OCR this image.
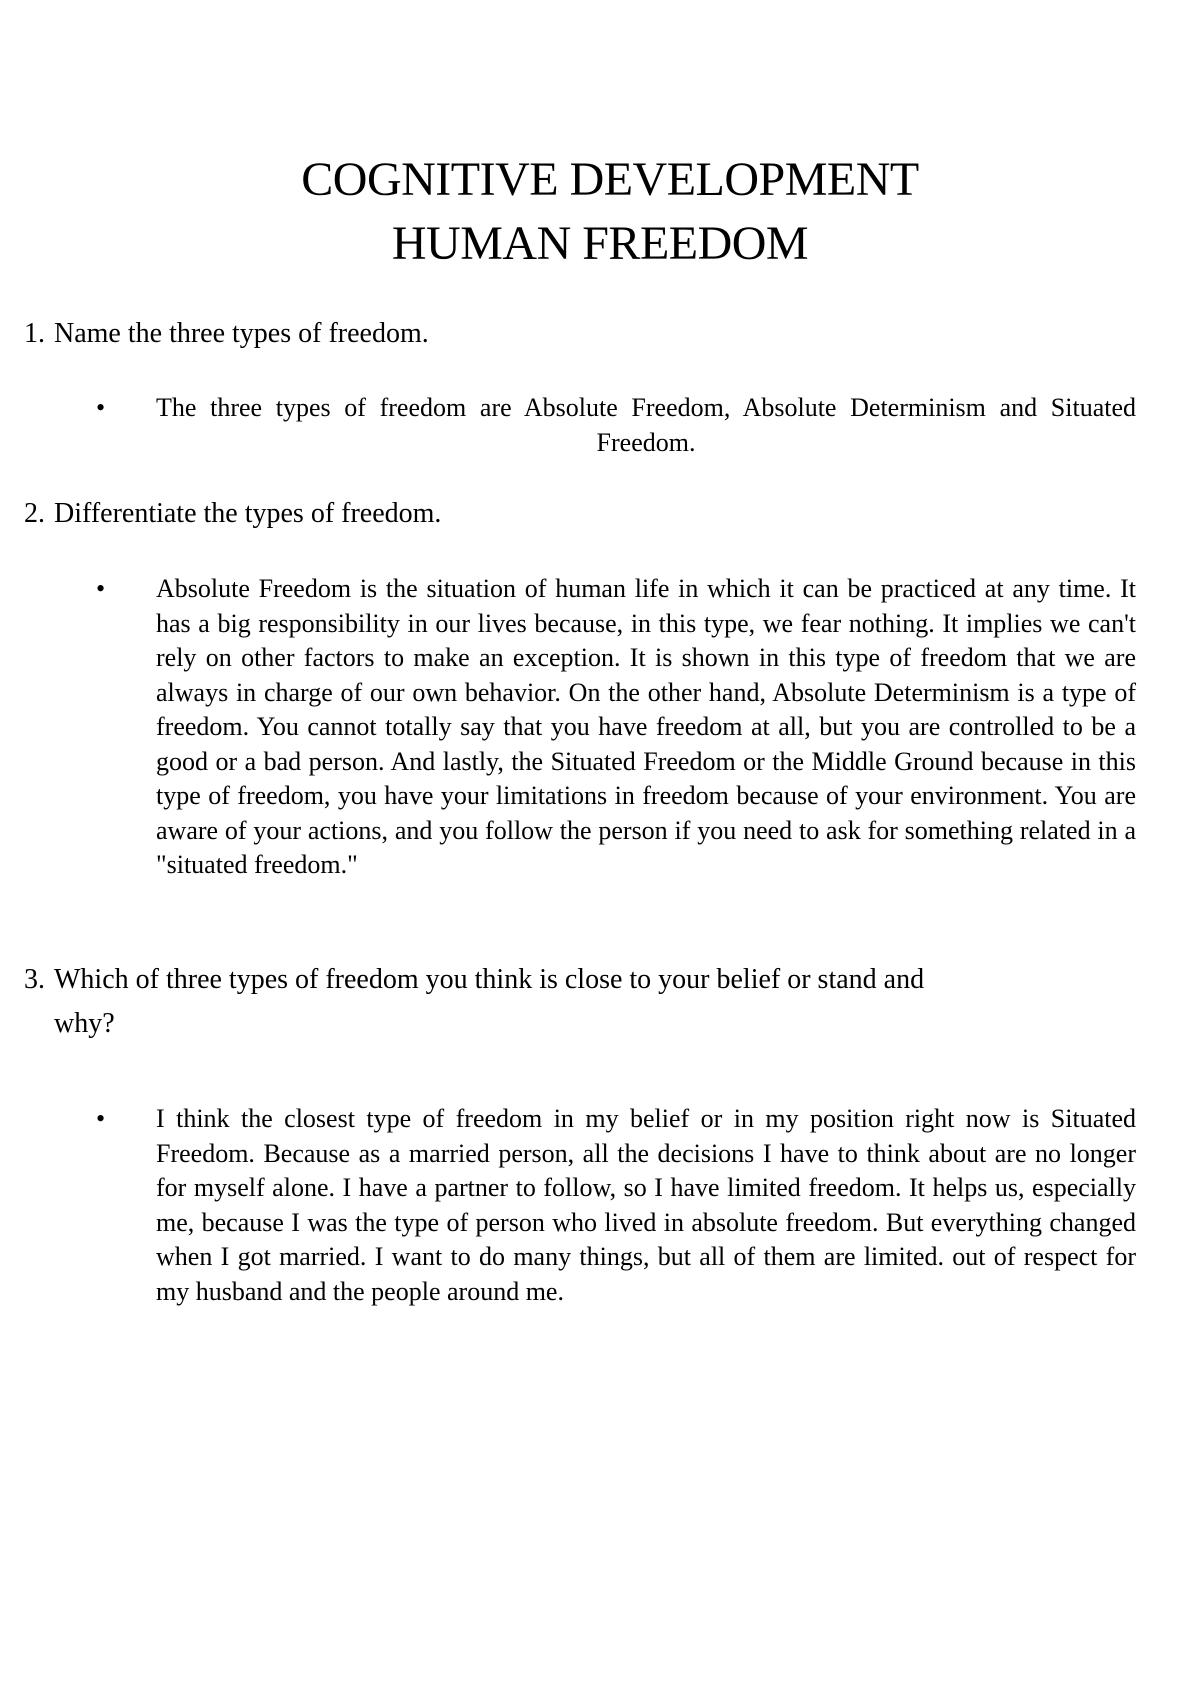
COGNITIVE DEVELOPMENT
HUMAN FREEDOM
1. Name the three types of freedom.
• The three types of freedom are Absolute Freedom, Absolute Determinism and Situated Freedom.
2. Differentiate the types of freedom.
• Absolute Freedom is the situation of human life in which it can be practiced at any time. It has a big responsibility in our lives because, in this type, we fear nothing. It implies we can't rely on other factors to make an exception. It is shown in this type of freedom that we are always in charge of our own behavior. On the other hand, Absolute Determinism is a type of freedom. You cannot totally say that you have freedom at all, but you are controlled to be a good or a bad person. And lastly, the Situated Freedom or the Middle Ground because in this type of freedom, you have your limitations in freedom because of your environment. You are aware of your actions, and you follow the person if you need to ask for something related in a "situated freedom."
3. Which of three types of freedom you think is close to your belief or stand and
why?
• I think the closest type of freedom in my belief or in my position right now is Situated Freedom. Because as a married person, all the decisions I have to think about are no longer for myself alone. I have a partner to follow, so I have limited freedom. It helps us, especially me, because I was the type of person who lived in absolute freedom. But everything changed when I got married. I want to do many things, but all of them are limited. out of respect for my husband and the people around me.
